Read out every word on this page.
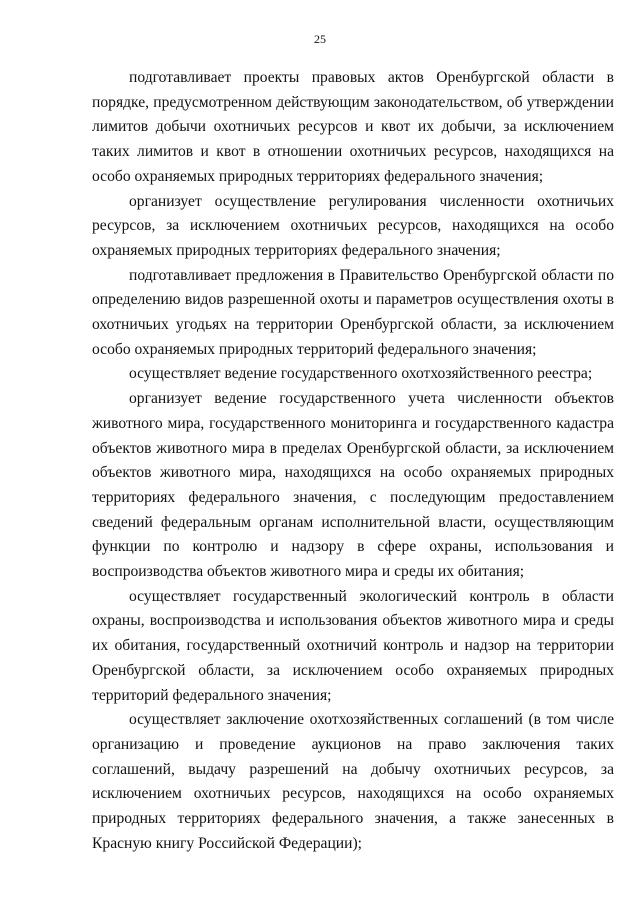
25

подготавливает проекты правовых актов Оренбургской области в порядке, предусмотренном действующим законодательством, об утверждении лимитов добычи охотничьих ресурсов и квот их добычи, за исключением таких лимитов и квот в отношении охотничьих ресурсов, находящихся на особо охраняемых природных территориях федерального значения;

организует осуществление регулирования численности охотничьих ресурсов, за исключением охотничьих ресурсов, находящихся на особо охраняемых природных территориях федерального значения;

подготавливает предложения в Правительство Оренбургской области по определению видов разрешенной охоты и параметров осуществления охоты в охотничьих угодьях на территории Оренбургской области, за исключением особо охраняемых природных территорий федерального значения;

осуществляет ведение государственного охотхозяйственного реестра;

организует ведение государственного учета численности объектов животного мира, государственного мониторинга и государственного кадастра объектов животного мира в пределах Оренбургской области, за исключением объектов животного мира, находящихся на особо охраняемых природных территориях федерального значения, с последующим предоставлением сведений федеральным органам исполнительной власти, осуществляющим функции по контролю и надзору в сфере охраны, использования и воспроизводства объектов животного мира и среды их обитания;

осуществляет государственный экологический контроль в области охраны, воспроизводства и использования объектов животного мира и среды их обитания, государственный охотничий контроль и надзор на территории Оренбургской области, за исключением особо охраняемых природных территорий федерального значения;

осуществляет заключение охотхозяйственных соглашений (в том числе организацию и проведение аукционов на право заключения таких соглашений, выдачу разрешений на добычу охотничьих ресурсов, за исключением охотничьих ресурсов, находящихся на особо охраняемых природных территориях федерального значения, а также занесенных в Красную книгу Российской Федерации);
